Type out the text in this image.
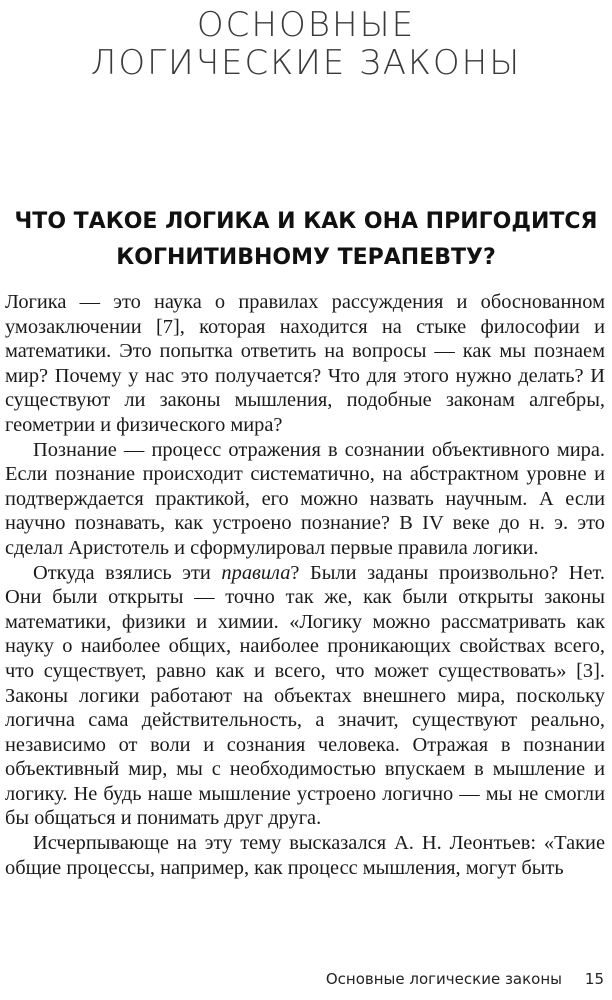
ОСНОВНЫЕ
ЛОГИЧЕСКИЕ ЗАКОНЫ
ЧТО ТАКОЕ ЛОГИКА И КАК ОНА ПРИГОДИТСЯ
КОГНИТИВНОМУ ТЕРАПЕВТУ?

Логика — это наука о правилах рассуждения и обоснованном умозаключении [7], которая находится на стыке философии и математики. Это попытка ответить на вопросы — как мы познаем мир? Почему у нас это получается? Что для этого нужно делать? И существуют ли законы мышления, подобные законам алгебры, геометрии и физического мира?

Познание — процесс отражения в сознании объективного мира. Если познание происходит систематично, на абстрактном уровне и подтверждается практикой, его можно назвать научным. А если научно познавать, как устроено познание? В IV веке до н. э. это сделал Аристотель и сформулировал первые правила логики.

Откуда взялись эти правила? Были заданы произвольно? Нет. Они были открыты — точно так же, как были открыты законы математики, физики и химии. «Логику можно рассматривать как науку о наиболее общих, наиболее проникающих свойствах всего, что существует, равно как и всего, что может существовать» [3]. Законы логики работают на объектах внешнего мира, поскольку логична сама действительность, а значит, существуют реально, независимо от воли и сознания человека. Отражая в познании объективный мир, мы с необходимостью впускаем в мышление и логику. Не будь наше мышление устроено логично — мы не смогли бы общаться и понимать друг друга.

Исчерпывающе на эту тему высказался А. Н. Леонтьев: «Такие общие процессы, например, как процесс мышления, могут быть

Основные логические законы 15
